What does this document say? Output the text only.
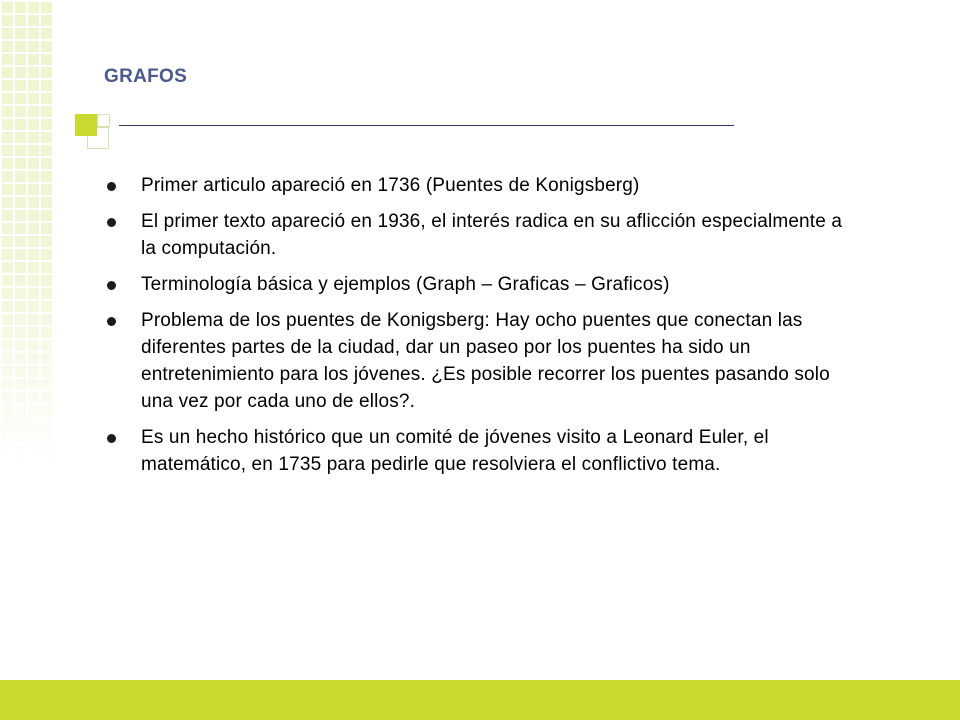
GRAFOS
Primer articulo apareció en 1736 (Puentes de Konigsberg)
El primer texto apareció en 1936, el interés radica en su aflicción especialmente a la computación.
Terminología básica y ejemplos (Graph – Graficas – Graficos)
Problema de los puentes de Konigsberg: Hay ocho puentes que conectan las diferentes partes de la ciudad, dar un paseo por los puentes ha sido un entretenimiento para los jóvenes. ¿Es posible recorrer los puentes pasando solo una vez por cada uno de ellos?.
Es un hecho histórico que un comité de jóvenes visito a Leonard Euler, el matemático, en 1735 para pedirle que resolviera el conflictivo tema.
